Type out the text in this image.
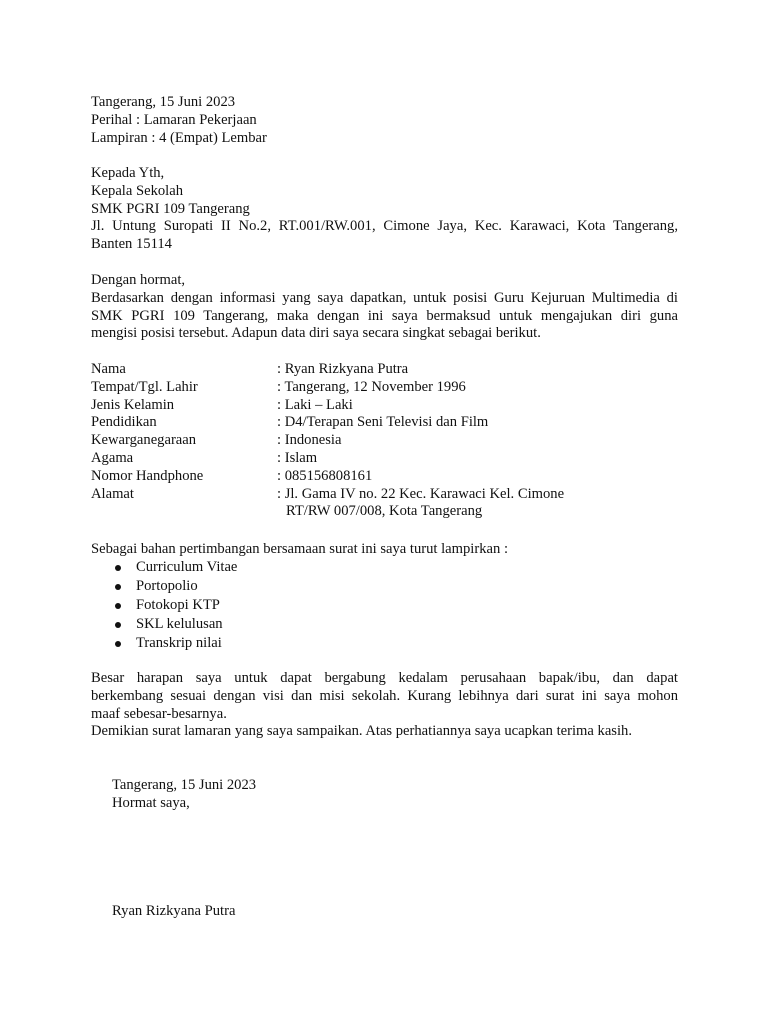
Tangerang, 15 Juni 2023
Perihal : Lamaran Pekerjaan
Lampiran : 4 (Empat) Lembar
Kepada Yth,
Kepala Sekolah
SMK PGRI 109 Tangerang
Jl. Untung Suropati II No.2, RT.001/RW.001, Cimone Jaya, Kec. Karawaci, Kota Tangerang,
Banten 15114
Dengan hormat,
Berdasarkan dengan informasi yang saya dapatkan, untuk posisi Guru Kejuruan Multimedia di
SMK PGRI 109 Tangerang, maka dengan ini saya bermaksud untuk mengajukan diri guna
mengisi posisi tersebut. Adapun data diri saya secara singkat sebagai berikut.
Nama	: Ryan Rizkyana Putra
Tempat/Tgl. Lahir	: Tangerang, 12 November 1996
Jenis Kelamin	: Laki – Laki
Pendidikan	: D4/Terapan Seni Televisi dan Film
Kewarganegaraan	: Indonesia
Agama	: Islam
Nomor Handphone	: 085156808161
Alamat	: Jl. Gama IV no. 22 Kec. Karawaci Kel. Cimone
RT/RW 007/008, Kota Tangerang
Sebagai bahan pertimbangan bersamaan surat ini saya turut lampirkan :
Curriculum Vitae
Portopolio
Fotokopi KTP
SKL kelulusan
Transkrip nilai
Besar harapan saya untuk dapat bergabung kedalam perusahaan bapak/ibu, dan dapat
berkembang sesuai dengan visi dan misi sekolah. Kurang lebihnya dari surat ini saya mohon
maaf sebesar-besarnya.
Demikian surat lamaran yang saya sampaikan. Atas perhatiannya saya ucapkan terima kasih.
Tangerang, 15 Juni 2023
Hormat saya,
Ryan Rizkyana Putra
